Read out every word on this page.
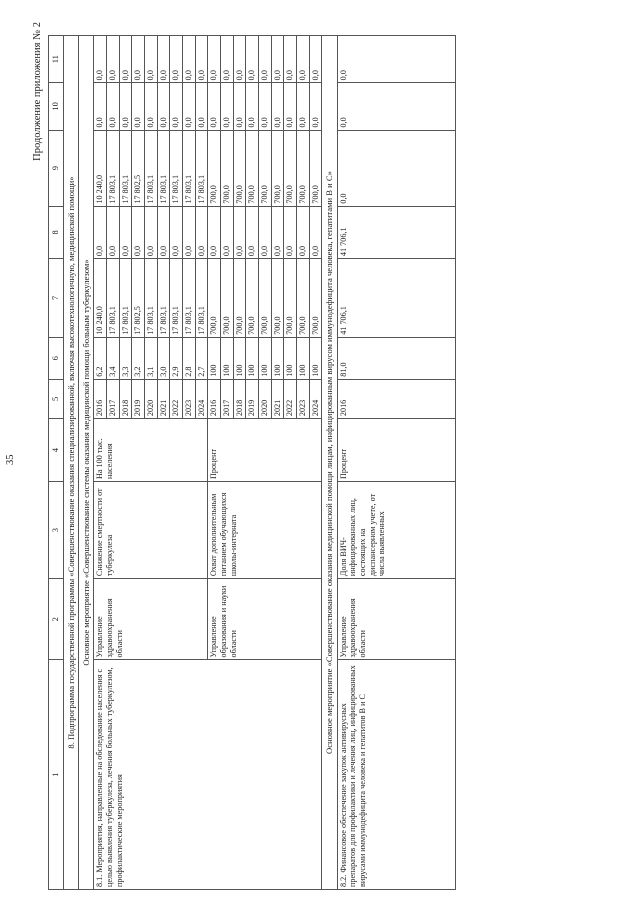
35
Продолжение приложения № 2
1	2	3	4	5	6	7	8	9	10	11
8. Подпрограмма государственной программы «Совершенствование оказания специализированной, включая высокотехнологичную, медицинской помощи»										
Основное мероприятие «Совершенствование системы оказания медицинской помощи больным туберкулезом»										
8.1. Мероприятия, направленные на обследование населения с целью выявления туберкулеза, лечения больных туберкулезом, профилактические мероприятия	Управление здравоохранения области	Снижение смертности от туберкулеза	На 100 тыс. населения	2016	6,2	10 240,0	0,0	10 240,0	0,0	0,0
				2017	3,4	17 803,1	0,0	17 803,1	0,0	0,0
				2018	3,3	17 803,1	0,0	17 803,1	0,0	0,0
				2019	3,2	17 802,5	0,0	17 802,5	0,0	0,0
				2020	3,1	17 803,1	0,0	17 803,1	0,0	0,0
				2021	3,0	17 803,1	0,0	17 803,1	0,0	0,0
				2022	2,9	17 803,1	0,0	17 803,1	0,0	0,0
				2023	2,8	17 803,1	0,0	17 803,1	0,0	0,0
				2024	2,7	17 803,1	0,0	17 803,1	0,0	0,0
	Управление образования и науки области	Охват дополнительным питанием обучающихся школы-интерната	Процент	2016	100	700,0	0,0	700,0	0,0	0,0
				2017	100	700,0	0,0	700,0	0,0	0,0
				2018	100	700,0	0,0	700,0	0,0	0,0
				2019	100	700,0	0,0	700,0	0,0	0,0
				2020	100	700,0	0,0	700,0	0,0	0,0
				2021	100	700,0	0,0	700,0	0,0	0,0
				2022	100	700,0	0,0	700,0	0,0	0,0
				2023	100	700,0	0,0	700,0	0,0	0,0
				2024	100	700,0	0,0	700,0	0,0	0,0
Основное мероприятие «Совершенствование оказания медицинской помощи лицам, инфицированным вирусом иммунодефицита человека, гепатитами В и С»										
8.2. Финансовое обеспечение закупок антивирусных препаратов для профилактики и лечения лиц, инфицированных вирусами иммунодефицита человека и гепатитов В и С	Управление здравоохранения области	Доля ВИЧ-инфицированных лиц, состоящих на диспансерном учете, от числа выявленных	Процент	2016	81,0	41 706,1	41 706,1	0,0	0,0	0,0
